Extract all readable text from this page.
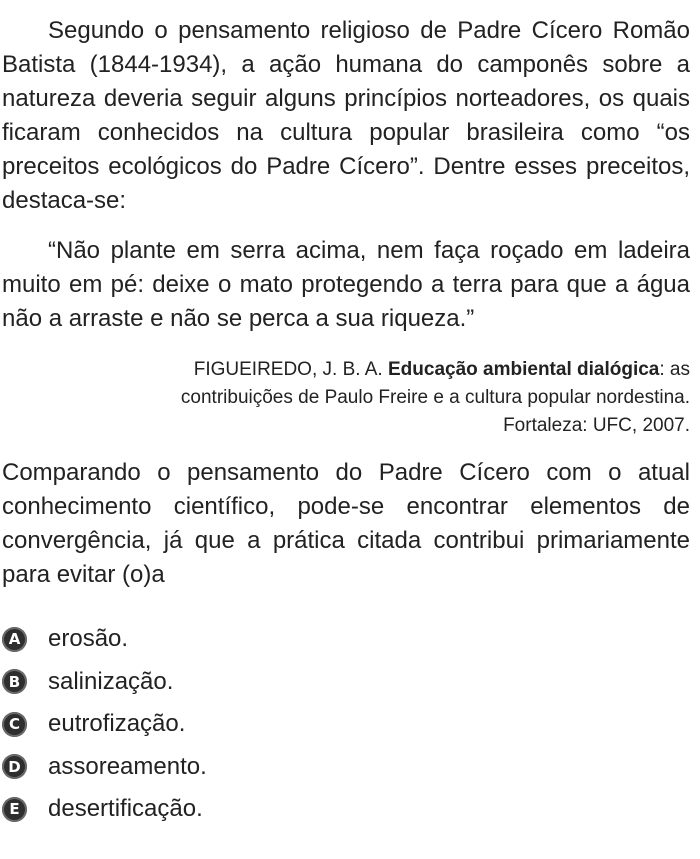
Segundo o pensamento religioso de Padre Cícero Romão Batista (1844-1934), a ação humana do camponês sobre a natureza deveria seguir alguns princípios norteadores, os quais ficaram conhecidos na cultura popular brasileira como “os preceitos ecológicos do Padre Cícero”. Dentre esses preceitos, destaca-se:

“Não plante em serra acima, nem faça roçado em ladeira muito em pé: deixe o mato protegendo a terra para que a água não a arraste e não se perca a sua riqueza.”

FIGUEIREDO, J. B. A. Educação ambiental dialógica: as
contribuições de Paulo Freire e a cultura popular nordestina.
Fortaleza: UFC, 2007.

Comparando o pensamento do Padre Cícero com o atual conhecimento científico, pode-se encontrar elementos de convergência, já que a prática citada contribui primariamente para evitar (o)a

A erosão.
B salinização.
C eutrofização.
D assoreamento.
E	desertificação.
